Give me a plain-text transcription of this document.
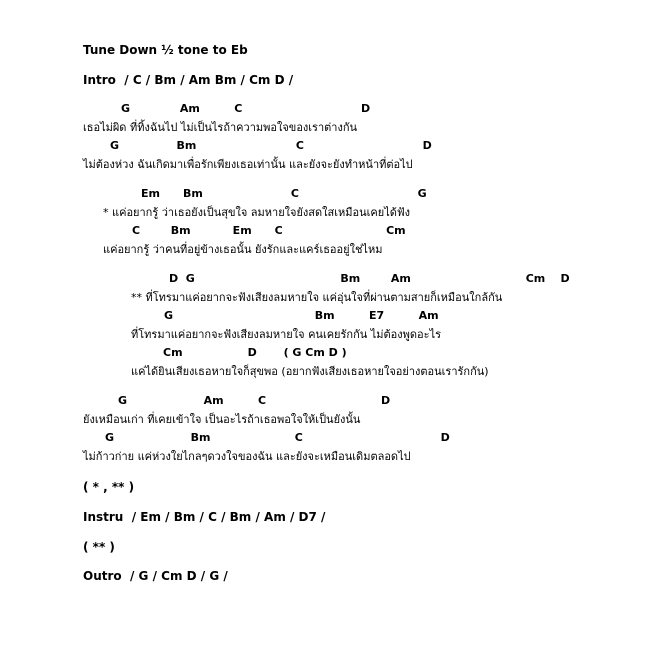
Tune Down ½ tone to Eb
Intro  / C / Bm / Am Bm / Cm D /
G             Am         C                               D
เธอไม่ผิด ที่ทิ้งฉันไป ไม่เป็นไรถ้าความพอใจของเราต่างกัน
G               Bm                          C                               D
ไม่ต้องห่วง ฉันเกิดมาเพื่อรักเพียงเธอเท่านั้น และยังจะยังทำหน้าที่ต่อไป
Em      Bm                       C                               G
* แค่อยากรู้ ว่าเธอยังเป็นสุขใจ ลมหายใจยังสดใสเหมือนเคยได้ฟัง
C        Bm           Em      C                           Cm
แค่อยากรู้ ว่าคนที่อยู่ข้างเธอนั้น ยังรักและแคร์เธออยู่ใช่ไหม
D  G                                      Bm        Am                              Cm    D
** ที่โทรมาแค่อยากจะฟังเสียงลมหายใจ แค่อุ่นใจที่ผ่านตามสายก็เหมือนใกล้กัน
G                                     Bm         E7         Am
ที่โทรมาแค่อยากจะฟังเสียงลมหายใจ คนเคยรักกัน ไม่ต้องพูดอะไร
Cm                 D       ( G Cm D )
แค่ได้ยินเสียงเธอหายใจก็สุขพอ (อยากฟังเสียงเธอหายใจอย่างตอนเรารักกัน)
G                    Am         C                              D
ยังเหมือนเก่า ที่เคยเข้าใจ เป็นอะไรถ้าเธอพอใจให้เป็นยังนั้น
G                    Bm                      C                                    D
ไม่ก้าวก่าย แค่ห่วงใยไกลๆดวงใจของฉัน และยังจะเหมือนเดิมตลอดไป
( * , ** )
Instru  / Em / Bm / C / Bm / Am / D7 /
( ** )
Outro  / G / Cm D / G /
